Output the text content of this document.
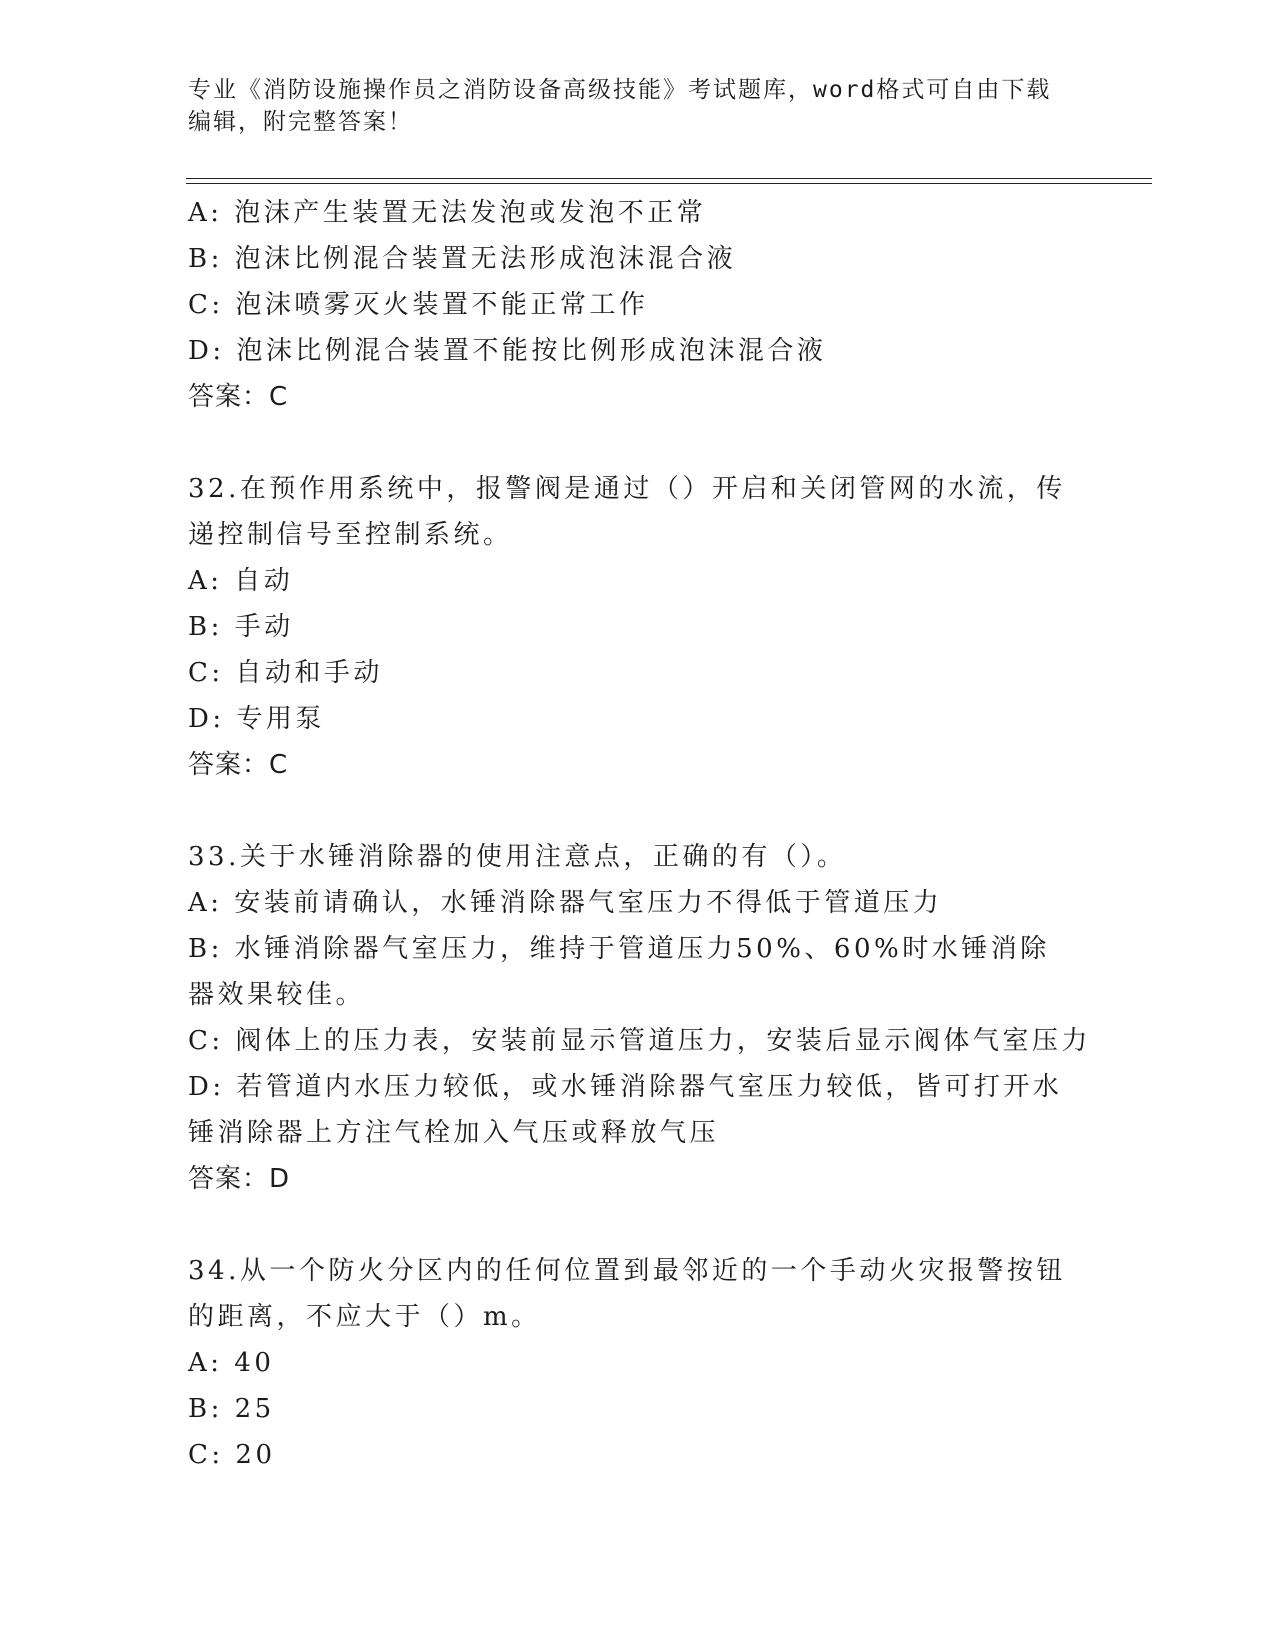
专业《消防设施操作员之消防设备高级技能》考试题库，word格式可自由下载编辑，附完整答案！
A: 泡沫产生装置无法发泡或发泡不正常
B: 泡沫比例混合装置无法形成泡沫混合液
C: 泡沫喷雾灭火装置不能正常工作
D: 泡沫比例混合装置不能按比例形成泡沫混合液
答案：C
32.在预作用系统中，报警阀是通过（）开启和关闭管网的水流，传递控制信号至控制系统。
A: 自动
B: 手动
C: 自动和手动
D: 专用泵
答案：C
33.关于水锤消除器的使用注意点，正确的有（）。
A: 安装前请确认，水锤消除器气室压力不得低于管道压力
B: 水锤消除器气室压力，维持于管道压力50%、60%时水锤消除器效果较佳。
C: 阀体上的压力表，安装前显示管道压力，安装后显示阀体气室压力
D: 若管道内水压力较低，或水锤消除器气室压力较低，皆可打开水锤消除器上方注气栓加入气压或释放气压
答案：D
34.从一个防火分区内的任何位置到最邻近的一个手动火灾报警按钮的距离，不应大于（）m。
A: 40
B: 25
C: 20
